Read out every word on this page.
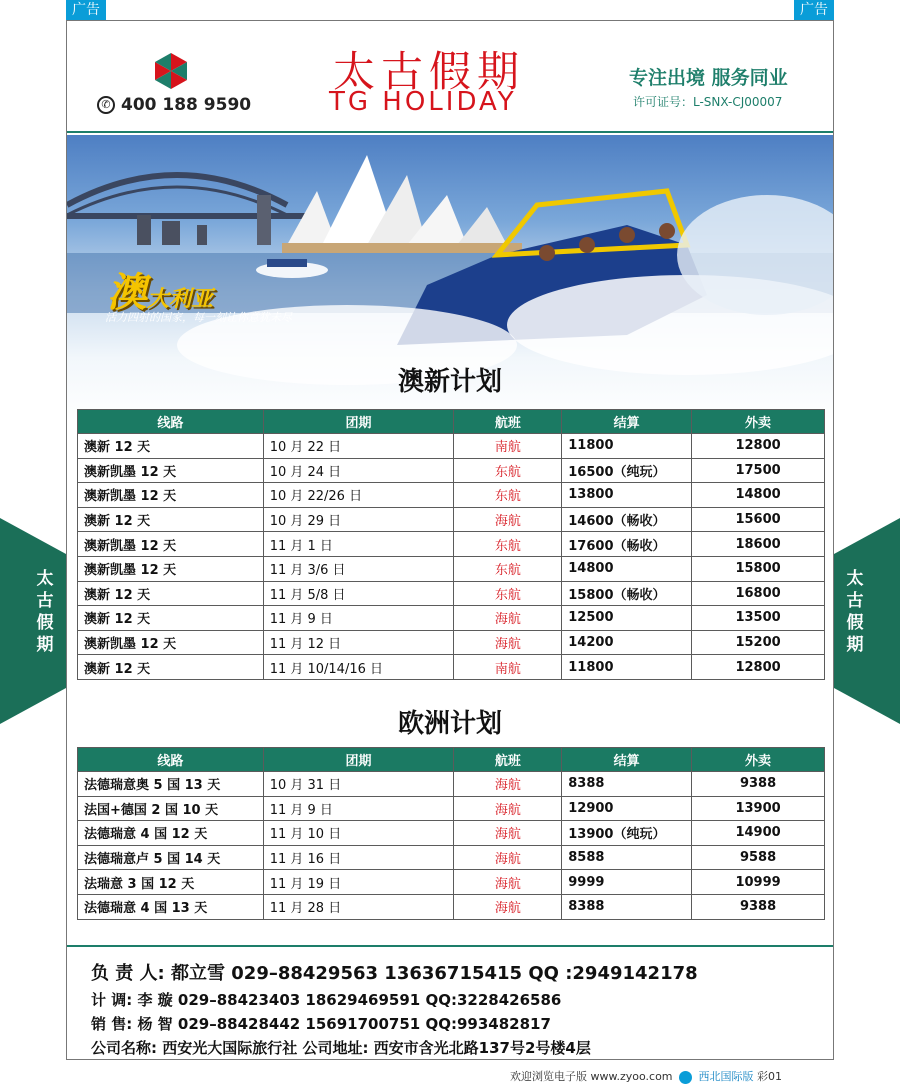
广告	广告
太
古
假
期
太
古
假
期
✆ 400 188 9590
太古假期
TG HOLIDAY
专注出境 服务同业
许可证号：L-SNX-CJ00007
澳大利亚
活力四射的国家，每一刻让你意犹未尽
澳新计划
线路	团期	航班	结算	外卖
澳新 12 天	10 月 22 日	南航	11800	12800
澳新凯墨 12 天	10 月 24 日	东航	16500（纯玩）	17500
澳新凯墨 12 天	10 月 22/26 日	东航	13800	14800
澳新 12 天	10 月 29 日	海航	14600（畅收）	15600
澳新凯墨 12 天	11 月 1 日	东航	17600（畅收）	18600
澳新凯墨 12 天	11 月 3/6 日	东航	14800	15800
澳新 12 天	11 月 5/8 日	东航	15800（畅收）	16800
澳新 12 天	11 月 9 日	海航	12500	13500
澳新凯墨 12 天	11 月 12 日	海航	14200	15200
澳新 12 天	11 月 10/14/16 日	南航	11800	12800
欧洲计划
线路	团期	航班	结算	外卖
法德瑞意奥 5 国 13 天	10 月 31 日	海航	8388	9388
法国+德国 2 国 10 天	11 月 9 日	海航	12900	13900
法德瑞意 4 国 12 天	11 月 10 日	海航	13900（纯玩）	14900
法德瑞意卢 5 国 14 天	11 月 16 日	海航	8588	9588
法瑞意 3 国 12 天	11 月 19 日	海航	9999	10999
法德瑞意 4 国 13 天	11 月 28 日	海航	8388	9388
负 责 人: 都立雪 029–88429563 13636715415 QQ :2949142178
计 调: 李 璇 029–88423403 18629469591 QQ:3228426586
销 售: 杨 智 029–88428442 15691700751 QQ:993482817
公司名称: 西安光大国际旅行社 公司地址: 西安市含光北路137号2号楼4层
欢迎浏览电子版 www.zyoo.com 西北国际版 彩01
